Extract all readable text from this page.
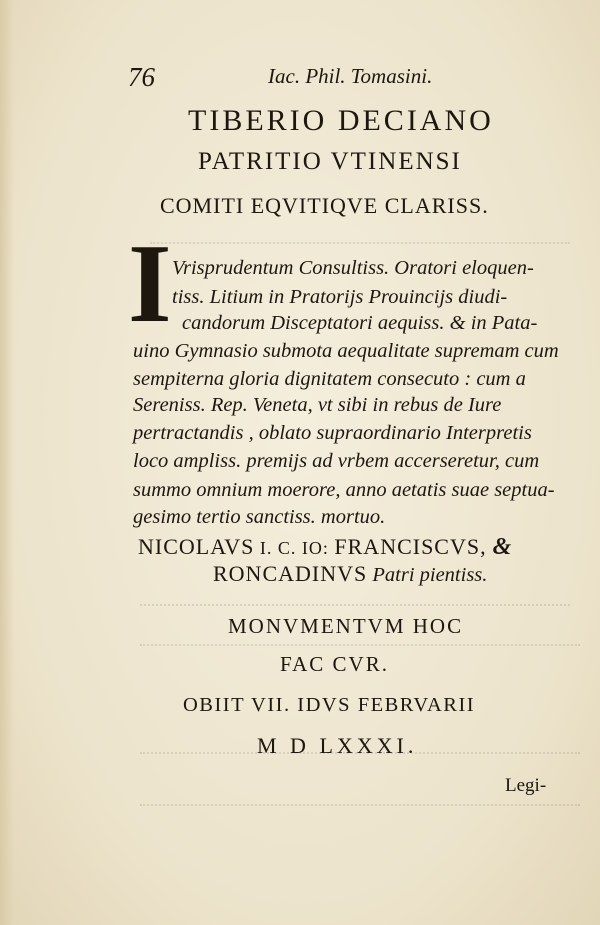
76	Iac. Phil. Tomasini.
TIBERIO DECIANO
PATRITIO VTINENSI
COMITI EQVITIQVE CLARISS.
I Vrisprudentum Consultiss. Oratori eloquen-
tiss. Litium in Pratorijs Prouincijs diudi-
candorum Disceptatori aequiss. & in Pata-
uino Gymnasio submota aequalitate supremam cum
sempiterna gloria dignitatem consecuto : cum a
Sereniss. Rep. Veneta, vt sibi in rebus de Iure
pertractandis , oblato supraordinario Interpretis
loco ampliss. premijs ad vrbem accerseretur, cum
summo omnium moerore, anno aetatis suae septua-
gesimo tertio sanctiss. mortuo.
NICOLAVS I. C. IO: FRANCISCVS, &
RONCADINVS Patri pientiss.
MONVMENTVM HOC
FAC CVR.
OBIIT VII. IDVS FEBRVARII
M D LXXXI.
Legi-
